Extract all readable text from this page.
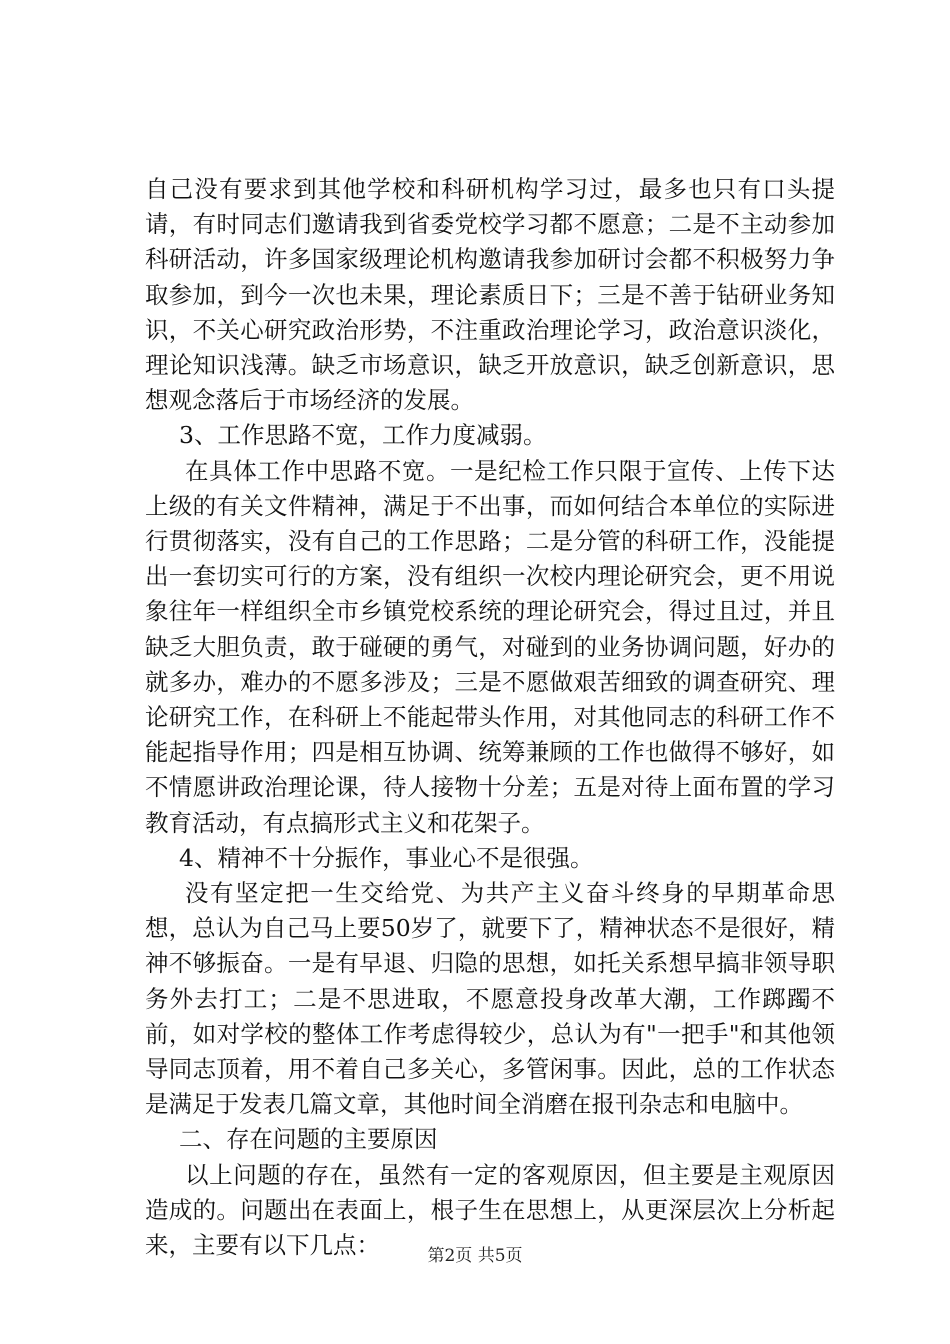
自己没有要求到其他学校和科研机构学习过，最多也只有口头提请，有时同志们邀请我到省委党校学习都不愿意；二是不主动参加科研活动，许多国家级理论机构邀请我参加研讨会都不积极努力争取参加，到今一次也未果，理论素质日下；三是不善于钻研业务知识，不关心研究政治形势，不注重政治理论学习，政治意识淡化，理论知识浅薄。缺乏市场意识，缺乏开放意识，缺乏创新意识，思想观念落后于市场经济的发展。

3、工作思路不宽，工作力度减弱。

在具体工作中思路不宽。一是纪检工作只限于宣传、上传下达上级的有关文件精神，满足于不出事，而如何结合本单位的实际进行贯彻落实，没有自己的工作思路；二是分管的科研工作，没能提出一套切实可行的方案，没有组织一次校内理论研究会，更不用说象往年一样组织全市乡镇党校系统的理论研究会，得过且过，并且缺乏大胆负责，敢于碰硬的勇气，对碰到的业务协调问题，好办的就多办，难办的不愿多涉及；三是不愿做艰苦细致的调查研究、理论研究工作，在科研上不能起带头作用，对其他同志的科研工作不能起指导作用；四是相互协调、统筹兼顾的工作也做得不够好，如不情愿讲政治理论课，待人接物十分差；五是对待上面布置的学习教育活动，有点搞形式主义和花架子。

4、精神不十分振作，事业心不是很强。

没有坚定把一生交给党、为共产主义奋斗终身的早期革命思想，总认为自己马上要50岁了，就要下了，精神状态不是很好，精神不够振奋。一是有早退、归隐的思想，如托关系想早搞非领导职务外去打工；二是不思进取，不愿意投身改革大潮，工作踯躅不前，如对学校的整体工作考虑得较少，总认为有"一把手"和其他领导同志顶着，用不着自己多关心，多管闲事。因此，总的工作状态是满足于发表几篇文章，其他时间全消磨在报刊杂志和电脑中。

二、存在问题的主要原因

以上问题的存在，虽然有一定的客观原因，但主要是主观原因造成的。问题出在表面上，根子生在思想上，从更深层次上分析起来，主要有以下几点：	第2页 共5页
